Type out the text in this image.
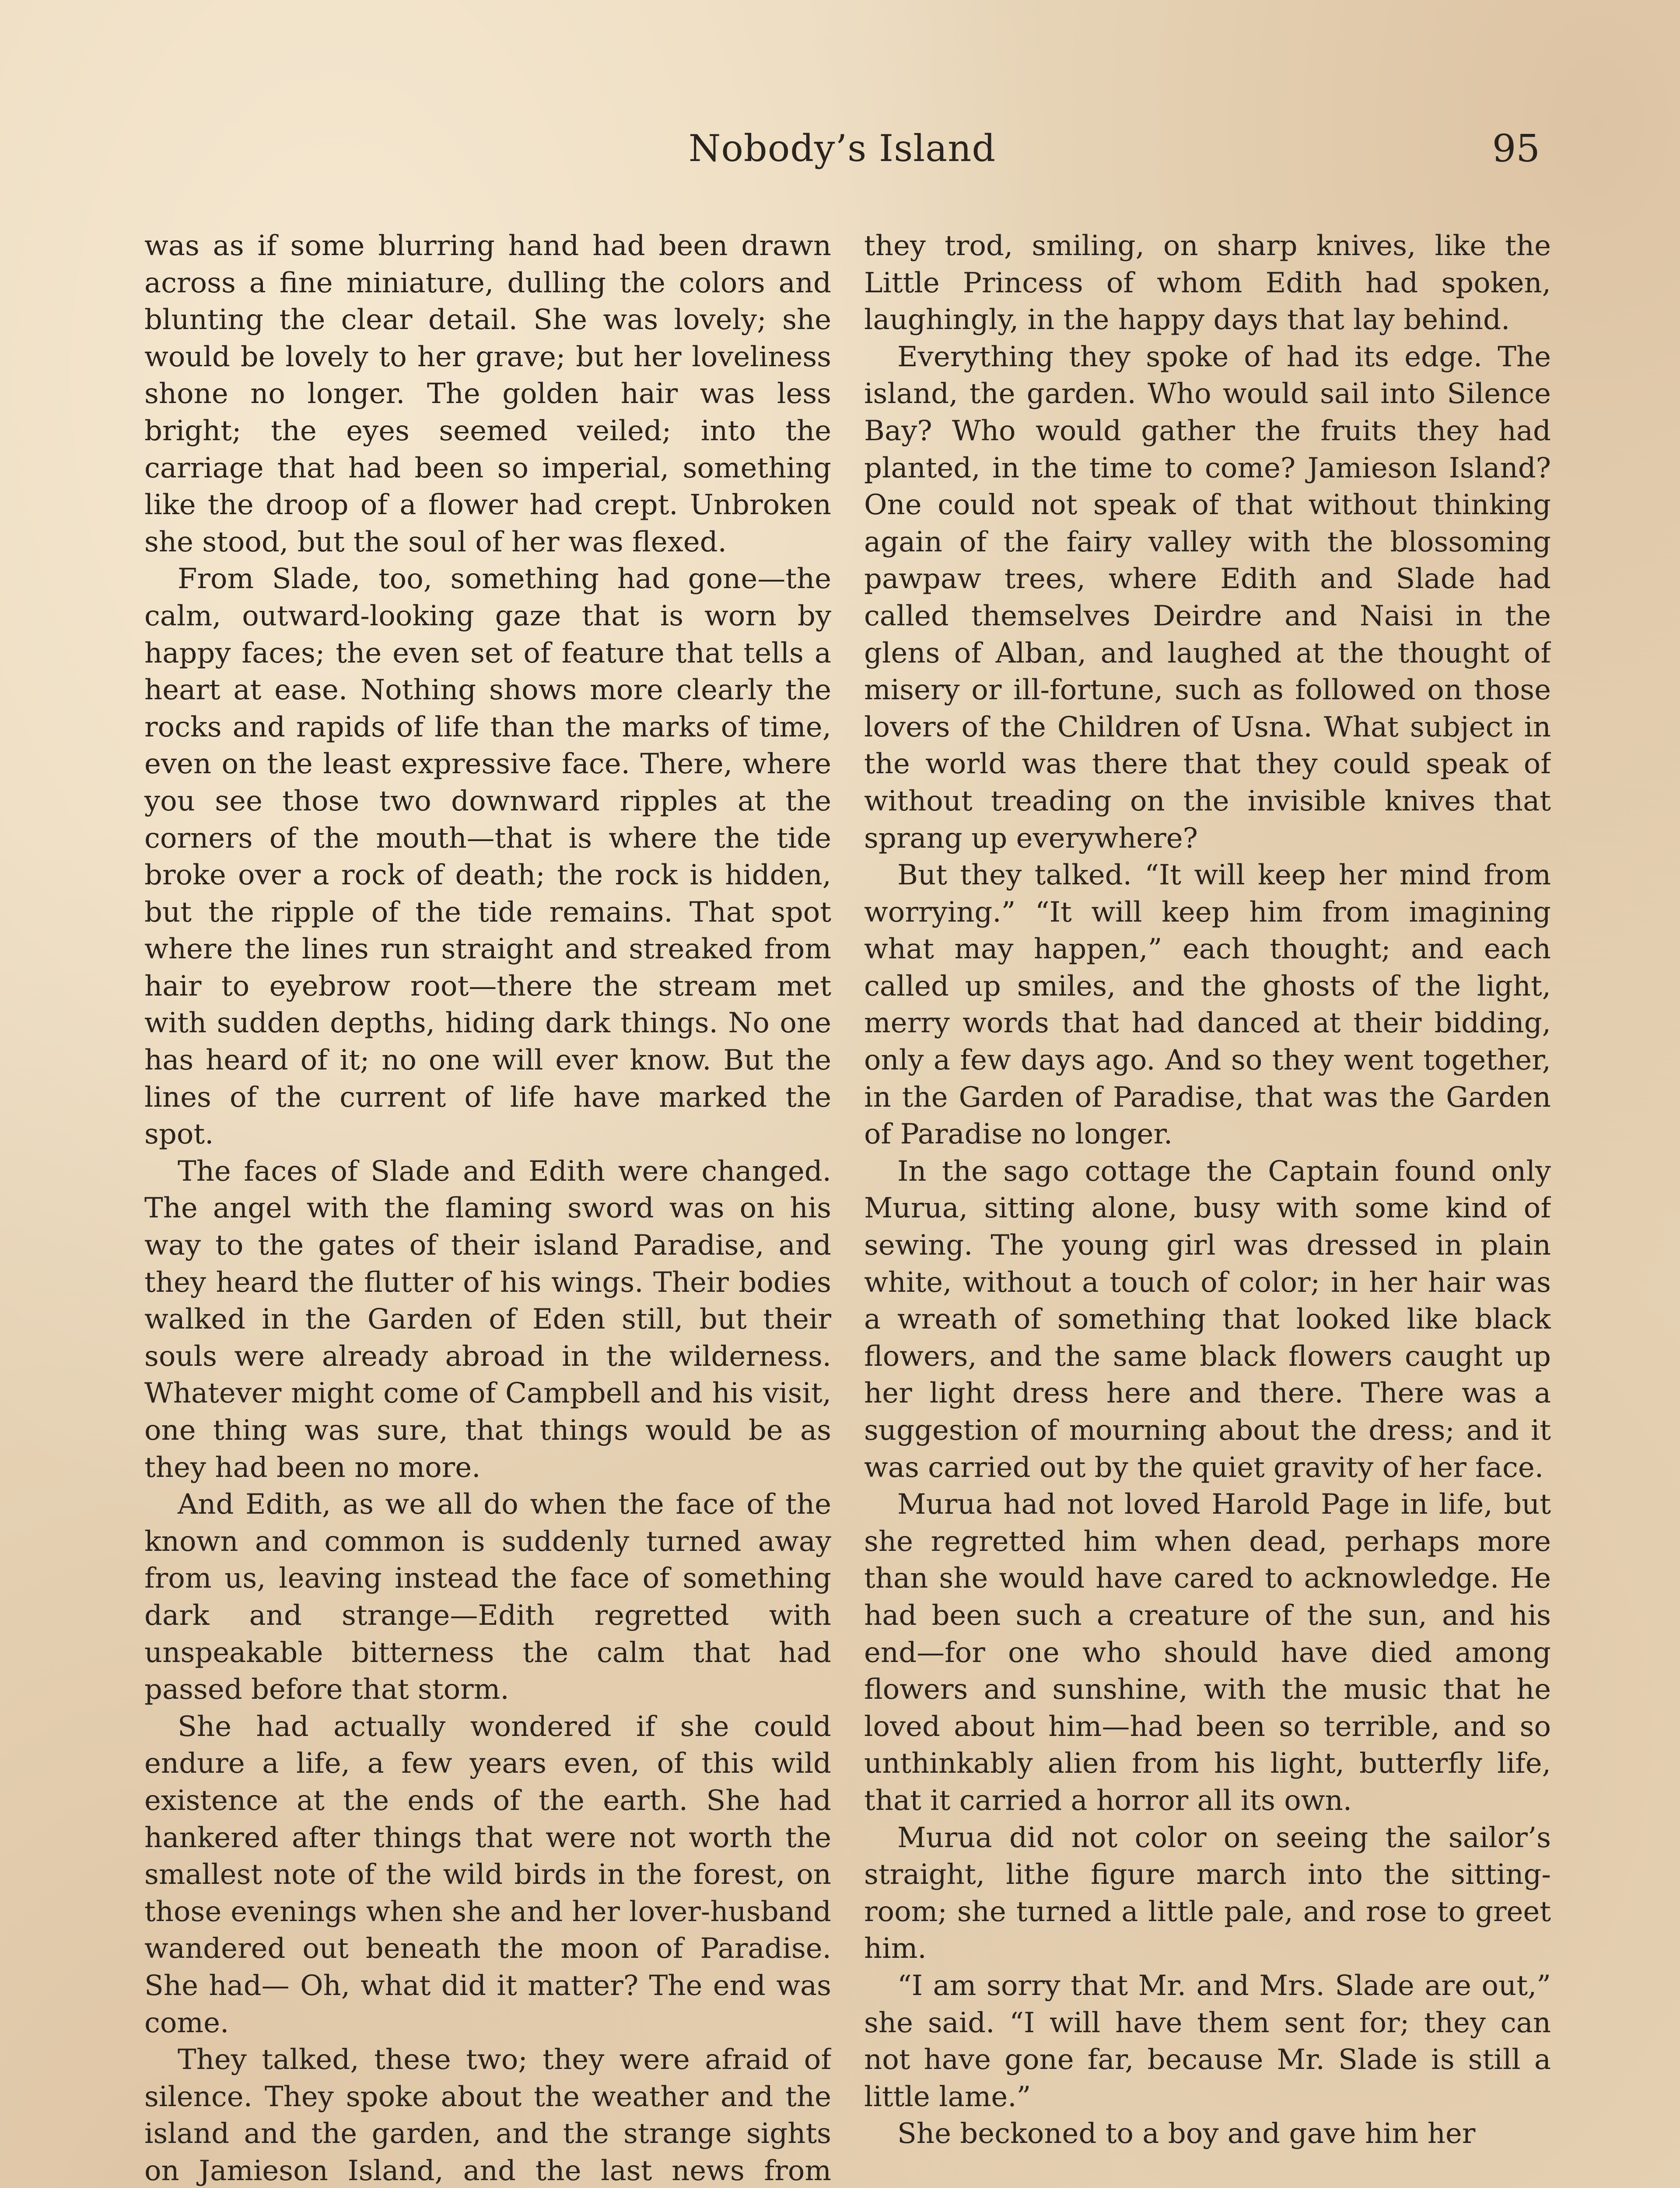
Nobody’s Island	95

was as if some blurring hand had been drawn across a fine miniature, dulling the colors and blunting the clear detail. She was lovely; she would be lovely to her grave; but her loveliness shone no longer. The golden hair was less bright; the eyes seemed veiled; into the carriage that had been so imperial, something like the droop of a flower had crept. Unbroken she stood, but the soul of her was flexed.

From Slade, too, something had gone—the calm, outward-looking gaze that is worn by happy faces; the even set of feature that tells a heart at ease. Nothing shows more clearly the rocks and rapids of life than the marks of time, even on the least expressive face. There, where you see those two downward ripples at the corners of the mouth—that is where the tide broke over a rock of death; the rock is hidden, but the ripple of the tide remains. That spot where the lines run straight and streaked from hair to eyebrow root—there the stream met with sudden depths, hiding dark things. No one has heard of it; no one will ever know. But the lines of the current of life have marked the spot.

The faces of Slade and Edith were changed. The angel with the flaming sword was on his way to the gates of their island Paradise, and they heard the flutter of his wings. Their bodies walked in the Garden of Eden still, but their souls were already abroad in the wilderness. Whatever might come of Campbell and his visit, one thing was sure, that things would be as they had been no more.

And Edith, as we all do when the face of the known and common is suddenly turned away from us, leaving instead the face of something dark and strange—Edith regretted with unspeakable bitterness the calm that had passed before that storm.

She had actually wondered if she could endure a life, a few years even, of this wild existence at the ends of the earth. She had hankered after things that were not worth the smallest note of the wild birds in the forest, on those evenings when she and her lover-husband wandered out beneath the moon of Paradise. She had— Oh, what did it matter? The end was come.

They talked, these two; they were afraid of silence. They spoke about the weather and the island and the garden, and the strange sights on Jamieson Island, and the last news from

they trod, smiling, on sharp knives, like the Little Princess of whom Edith had spoken, laughingly, in the happy days that lay behind.

Everything they spoke of had its edge. The island, the garden. Who would sail into Silence Bay? Who would gather the fruits they had planted, in the time to come? Jamieson Island? One could not speak of that without thinking again of the fairy valley with the blossoming pawpaw trees, where Edith and Slade had called themselves Deirdre and Naisi in the glens of Alban, and laughed at the thought of misery or ill-fortune, such as followed on those lovers of the Children of Usna. What subject in the world was there that they could speak of without treading on the invisible knives that sprang up everywhere?

But they talked. “It will keep her mind from worrying.” “It will keep him from imagining what may happen,” each thought; and each called up smiles, and the ghosts of the light, merry words that had danced at their bidding, only a few days ago. And so they went together, in the Garden of Paradise, that was the Garden of Paradise no longer.

In the sago cottage the Captain found only Murua, sitting alone, busy with some kind of sewing. The young girl was dressed in plain white, without a touch of color; in her hair was a wreath of something that looked like black flowers, and the same black flowers caught up her light dress here and there. There was a suggestion of mourning about the dress; and it was carried out by the quiet gravity of her face.

Murua had not loved Harold Page in life, but she regretted him when dead, perhaps more than she would have cared to acknowledge. He had been such a creature of the sun, and his end—for one who should have died among flowers and sunshine, with the music that he loved about him—had been so terrible, and so unthinkably alien from his light, butterfly life, that it carried a horror all its own.

Murua did not color on seeing the sailor’s straight, lithe figure march into the sitting-room; she turned a little pale, and rose to greet him.

“I am sorry that Mr. and Mrs. Slade are out,” she said. “I will have them sent for; they can not have gone far, because Mr. Slade is still a little lame.”

She beckoned to a boy and gave him her
